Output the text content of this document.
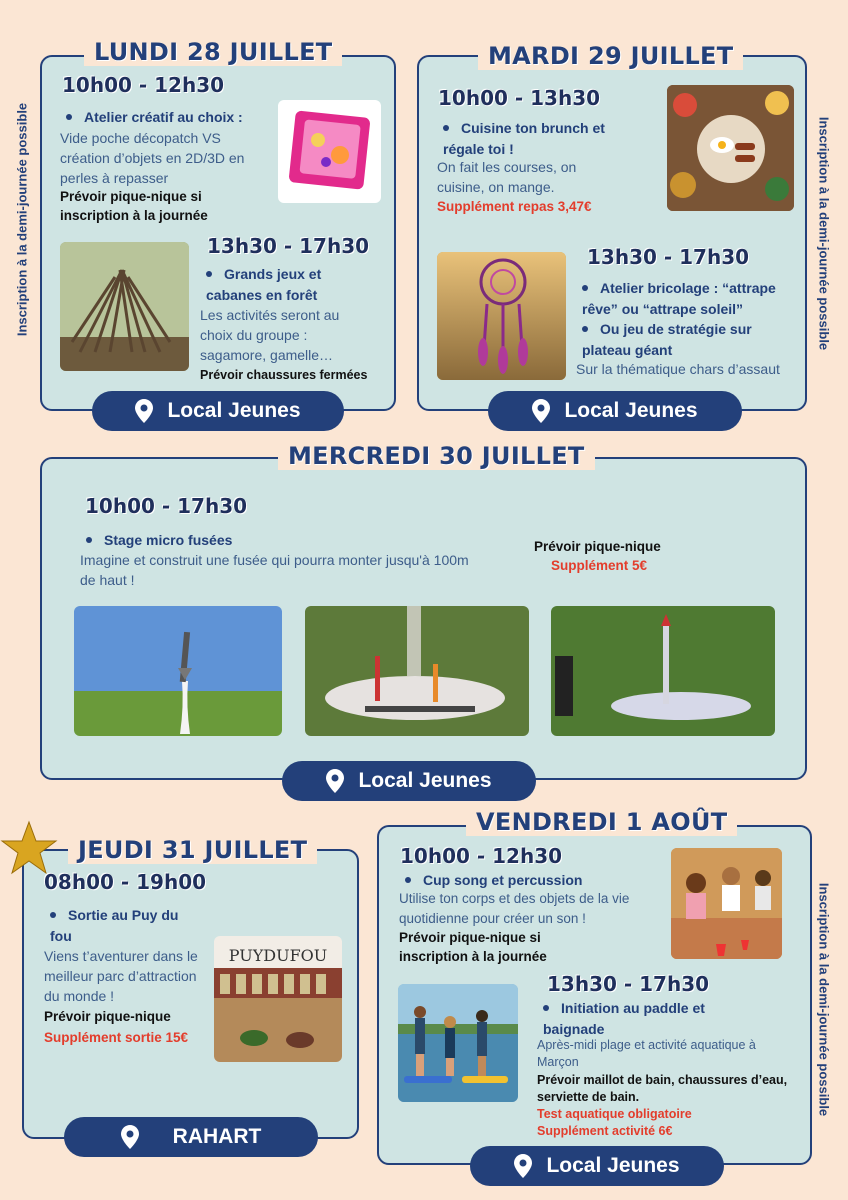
Inscription à la demi-journée possible	Inscription à la demi-journée possible
Inscription à la demi-journée possible
LUNDI 28 JUILLET
10h00 - 12h30
Atelier créatif au choix :
Vide poche décopatch VS création d’objets en 2D/3D en perles à repasser
Prévoir pique-nique si inscription à la journée
13h30 - 17h30
Grands jeux et cabanes en forêt
Les activités seront au choix du groupe : sagamore, gamelle…
Prévoir chaussures fermées
Local Jeunes
MARDI 29 JUILLET
10h00 - 13h30
Cuisine ton brunch et régale toi !
On fait les courses, on cuisine, on mange.
Supplément repas 3,47€
13h30 - 17h30
Atelier bricolage : “attrape rêve” ou “attrape soleil”
Ou jeu de stratégie sur plateau géant
Sur la thématique chars d’assaut
Local Jeunes
MERCREDI 30 JUILLET
10h00 - 17h30
Stage micro fusées
Imagine et construit une fusée qui pourra monter jusqu'à 100m de haut !
Prévoir pique-nique
Supplément 5€
Local Jeunes
JEUDI 31 JUILLET
08h00 - 19h00
Sortie au Puy du fou
Viens t’aventurer dans le meilleur parc d’attraction du monde !
Prévoir pique-nique
Supplément sortie 15€
PUYDUFOU
RAHART
VENDREDI 1 AOÛT
10h00 - 12h30
Cup song et percussion
Utilise ton corps et des objets de la vie quotidienne pour créer un son !
Prévoir pique-nique si inscription à la journée
13h30 - 17h30
Initiation au paddle et baignade
Après-midi plage et activité aquatique à Marçon
Prévoir maillot de bain, chaussures d’eau, serviette de bain.
Test aquatique obligatoire
Supplément activité 6€
Local Jeunes
